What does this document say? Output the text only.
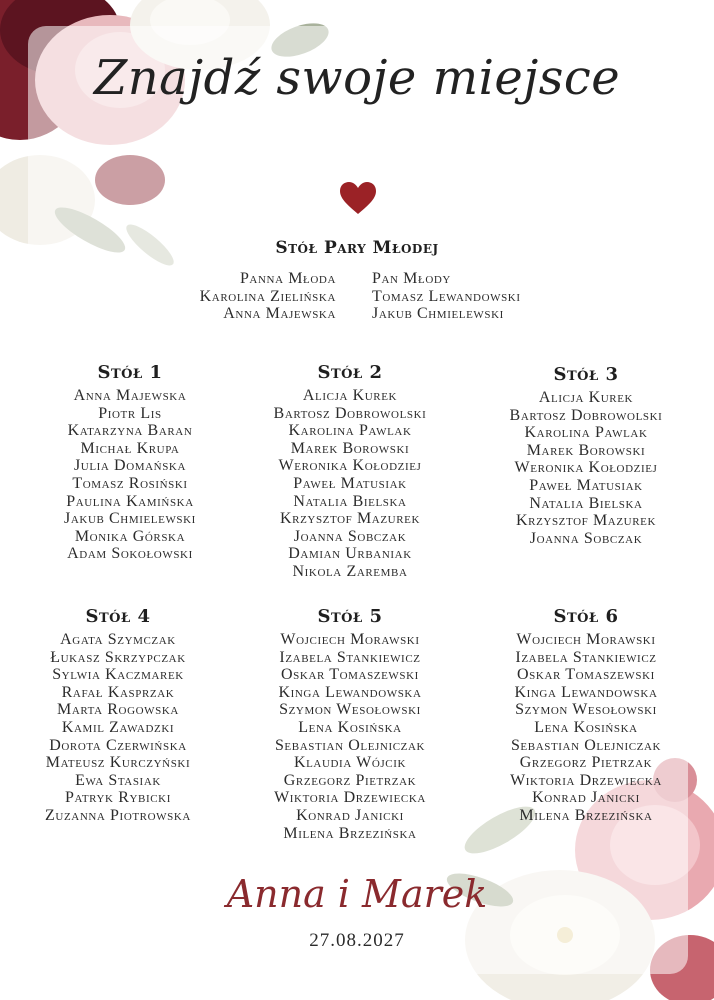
Znajdź swoje miejsce
Stół Pary Młodej
Panna Młoda
Karolina Zielińska
Anna Majewska
Pan Młody
Tomasz Lewandowski
Jakub Chmielewski
Stół 1
Anna Majewska
Piotr Lis
Katarzyna Baran
Michał Krupa
Julia Domańska
Tomasz Rosiński
Paulina Kamińska
Jakub Chmielewski
Monika Górska
Adam Sokołowski
Stół 2
Alicja Kurek
Bartosz Dobrowolski
Karolina Pawlak
Marek Borowski
Weronika Kołodziej
Paweł Matusiak
Natalia Bielska
Krzysztof Mazurek
Joanna Sobczak
Damian Urbaniak
Nikola Zaremba
Stół 3
Alicja Kurek
Bartosz Dobrowolski
Karolina Pawlak
Marek Borowski
Weronika Kołodziej
Paweł Matusiak
Natalia Bielska
Krzysztof Mazurek
Joanna Sobczak
Stół 4
Agata Szymczak
Łukasz Skrzypczak
Sylwia Kaczmarek
Rafał Kasprzak
Marta Rogowska
Kamil Zawadzki
Dorota Czerwińska
Mateusz Kurczyński
Ewa Stasiak
Patryk Rybicki
Zuzanna Piotrowska
Stół 5
Wojciech Morawski
Izabela Stankiewicz
Oskar Tomaszewski
Kinga Lewandowska
Szymon Wesołowski
Lena Kosińska
Sebastian Olejniczak
Klaudia Wójcik
Grzegorz Pietrzak
Wiktoria Drzewiecka
Konrad Janicki
Milena Brzezińska
Stół 6
Wojciech Morawski
Izabela Stankiewicz
Oskar Tomaszewski
Kinga Lewandowska
Szymon Wesołowski
Lena Kosińska
Sebastian Olejniczak
Grzegorz Pietrzak
Wiktoria Drzewiecka
Konrad Janicki
Milena Brzezińska
Anna i Marek
27.08.2027
